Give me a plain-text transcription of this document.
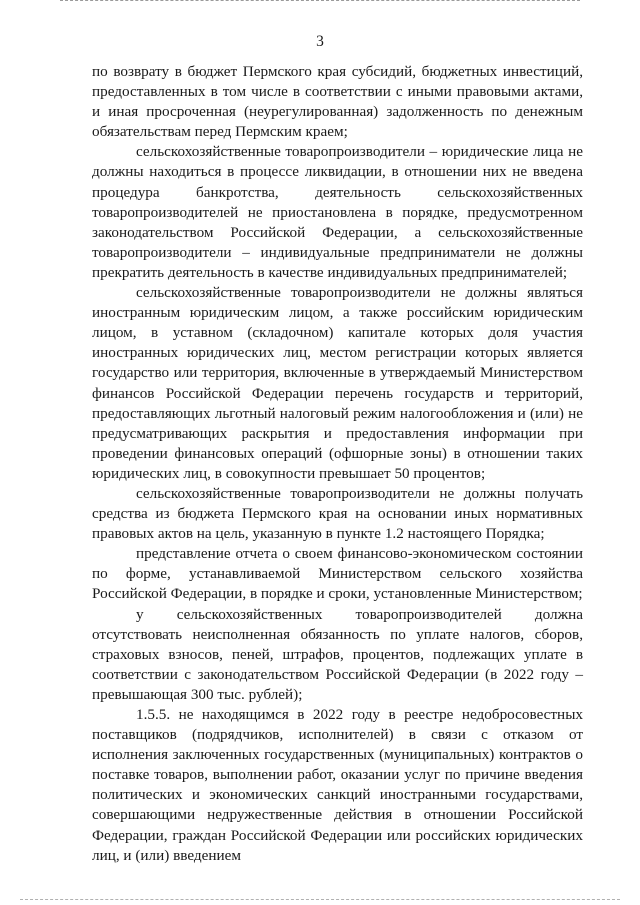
3

по возврату в бюджет Пермского края субсидий, бюджетных инвестиций, предоставленных в том числе в соответствии с иными правовыми актами, и иная просроченная (неурегулированная) задолженность по денежным обязательствам перед Пермским краем;

сельскохозяйственные товаропроизводители – юридические лица не должны находиться в процессе ликвидации, в отношении них не введена процедура банкротства, деятельность сельскохозяйственных товаропроизводителей не приостановлена в порядке, предусмотренном законодательством Российской Федерации, а сельскохозяйственные товаропроизводители – индивидуальные предприниматели не должны прекратить деятельность в качестве индивидуальных предпринимателей;

сельскохозяйственные товаропроизводители не должны являться иностранным юридическим лицом, а также российским юридическим лицом, в уставном (складочном) капитале которых доля участия иностранных юридических лиц, местом регистрации которых является государство или территория, включенные в утверждаемый Министерством финансов Российской Федерации перечень государств и территорий, предоставляющих льготный налоговый режим налогообложения и (или) не предусматривающих раскрытия и предоставления информации при проведении финансовых операций (офшорные зоны) в отношении таких юридических лиц, в совокупности превышает 50 процентов;

сельскохозяйственные товаропроизводители не должны получать средства из бюджета Пермского края на основании иных нормативных правовых актов на цель, указанную в пункте 1.2 настоящего Порядка;

представление отчета о своем финансово-экономическом состоянии по форме, устанавливаемой Министерством сельского хозяйства Российской Федерации, в порядке и сроки, установленные Министерством;

у сельскохозяйственных товаропроизводителей должна отсутствовать неисполненная обязанность по уплате налогов, сборов, страховых взносов, пеней, штрафов, процентов, подлежащих уплате в соответствии с законодательством Российской Федерации (в 2022 году – превышающая 300 тыс. рублей);

1.5.5. не находящимся в 2022 году в реестре недобросовестных поставщиков (подрядчиков, исполнителей) в связи с отказом от исполнения заключенных государственных (муниципальных) контрактов о поставке товаров, выполнении работ, оказании услуг по причине введения политических и экономических санкций иностранными государствами, совершающими недружественные действия в отношении Российской Федерации, граждан Российской Федерации или российских юридических лиц, и (или) введением
